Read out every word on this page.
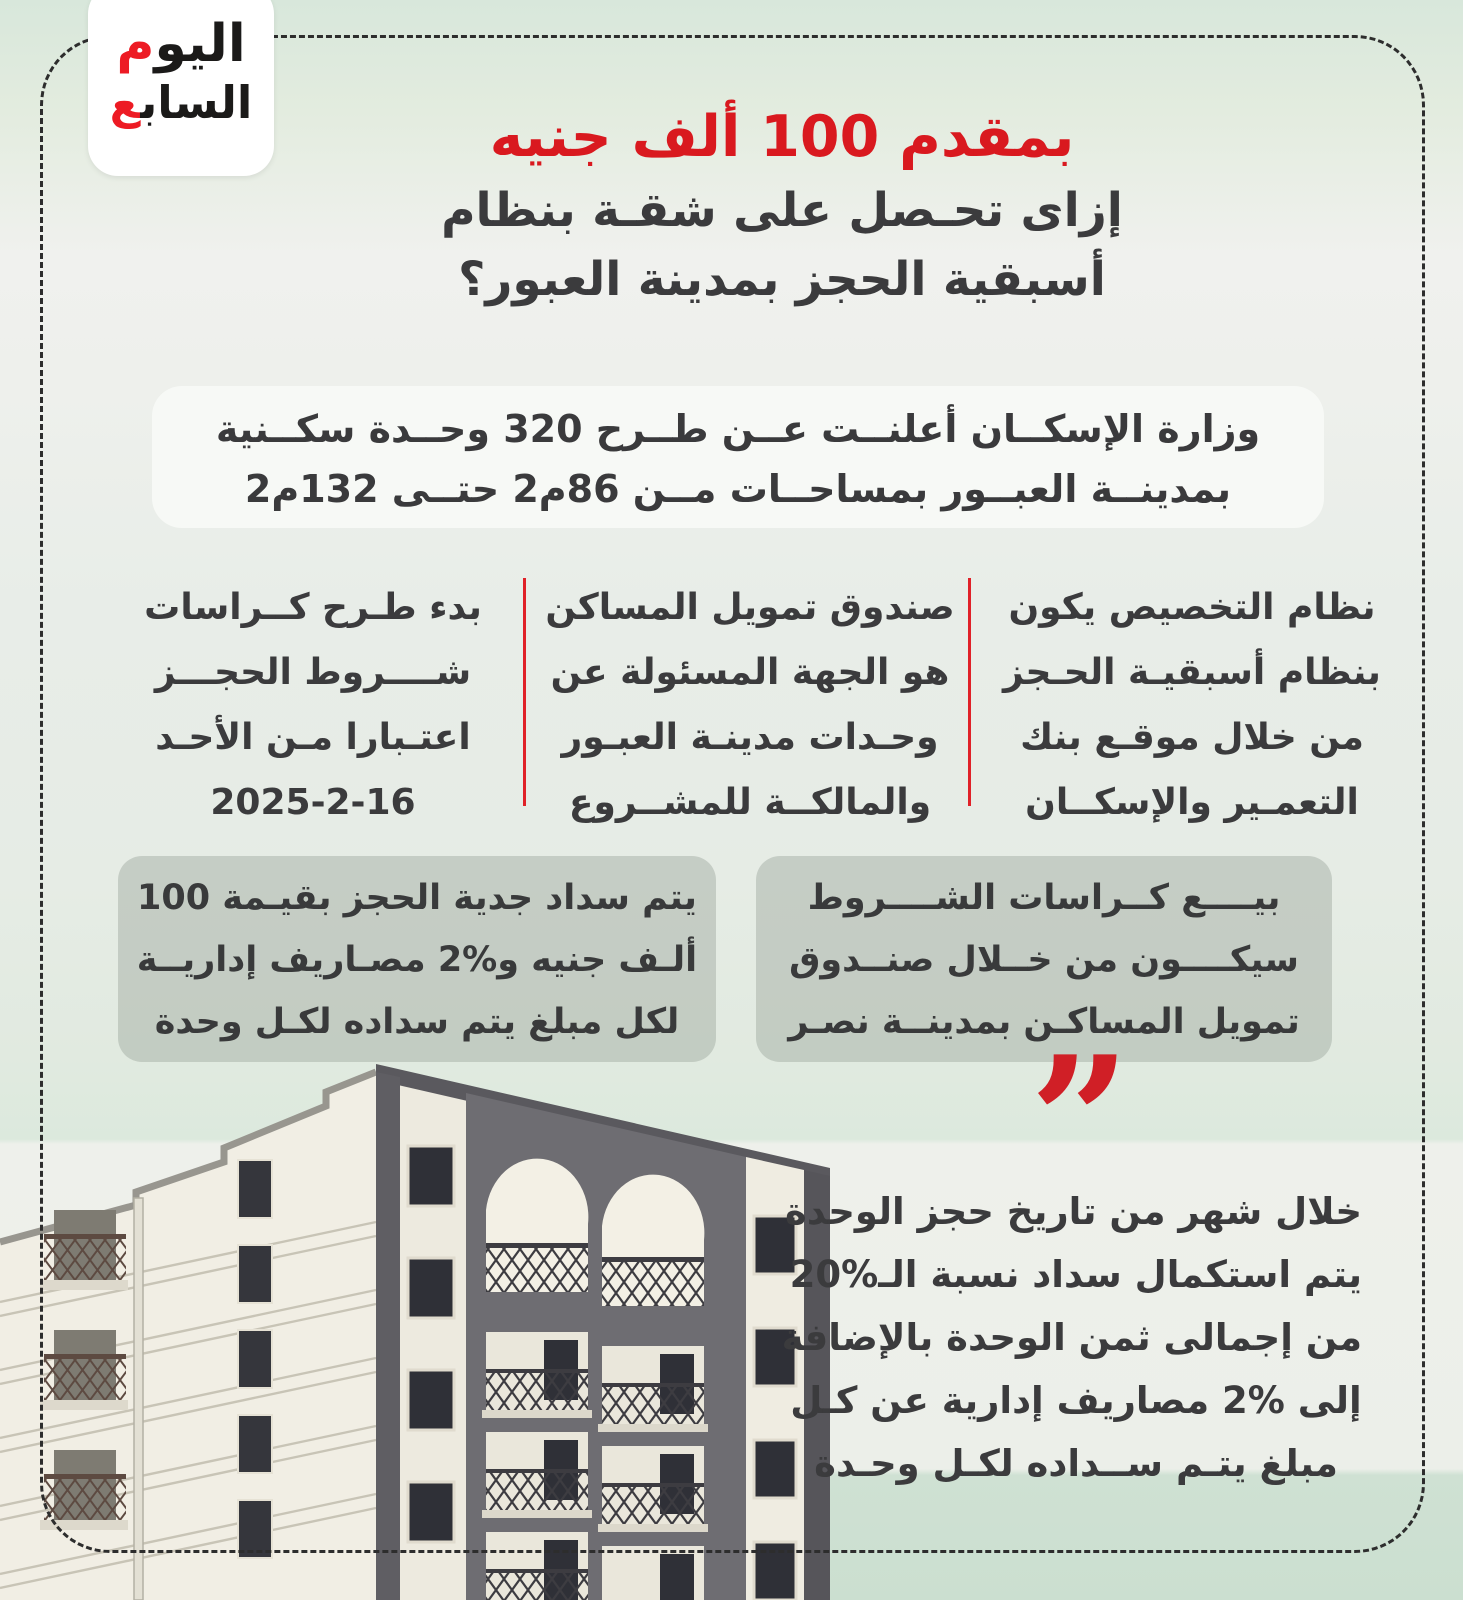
اليوم
الساب‍‍ع
بمقدم 100 ألف جنيه
إزاى تحـصل على شقـة بنظام
أسبقية الحجز بمدينة العبور؟
وزارة الإسكــان أعلنــت عــن طــرح 320 وحــدة سكــنية
بمدينــة العبــور بمساحــات مــن 86م2 حتــى 132م2
نظام التخصيص يكون
بنظام أسبقيـة الحـجز
من خلال موقـع بنك
التعمـير والإسكــان
صندوق تمويل المساكن
هو الجهة المسئولة عن
وحـدات مدينـة العبـور
والمالكــة للمشــروع
بدء طـرح كــراسات
شــــروط الحجـــز
اعتـبارا مـن الأحـد
2025-2-16
بيــــع كــراسات الشــــروط
سيكــــون من خــلال صنــدوق
تمويل المساكـن بمدينــة نصـر
يتم سداد جدية الحجز بقيـمة 100
ألـف جنيه و%2 مصـاريف إداريــة
لكل مبلغ يتم سداده لكـل وحدة ”
خلال شهر من تاريخ حجز الوحدة
يتم استكمال سداد نسبة الـ%20
من إجمالى ثمن الوحدة بالإضافة
إلى %2 مصاريف إدارية عن كـل
مبلغ يتـم ســداده لكـل وحـدة
